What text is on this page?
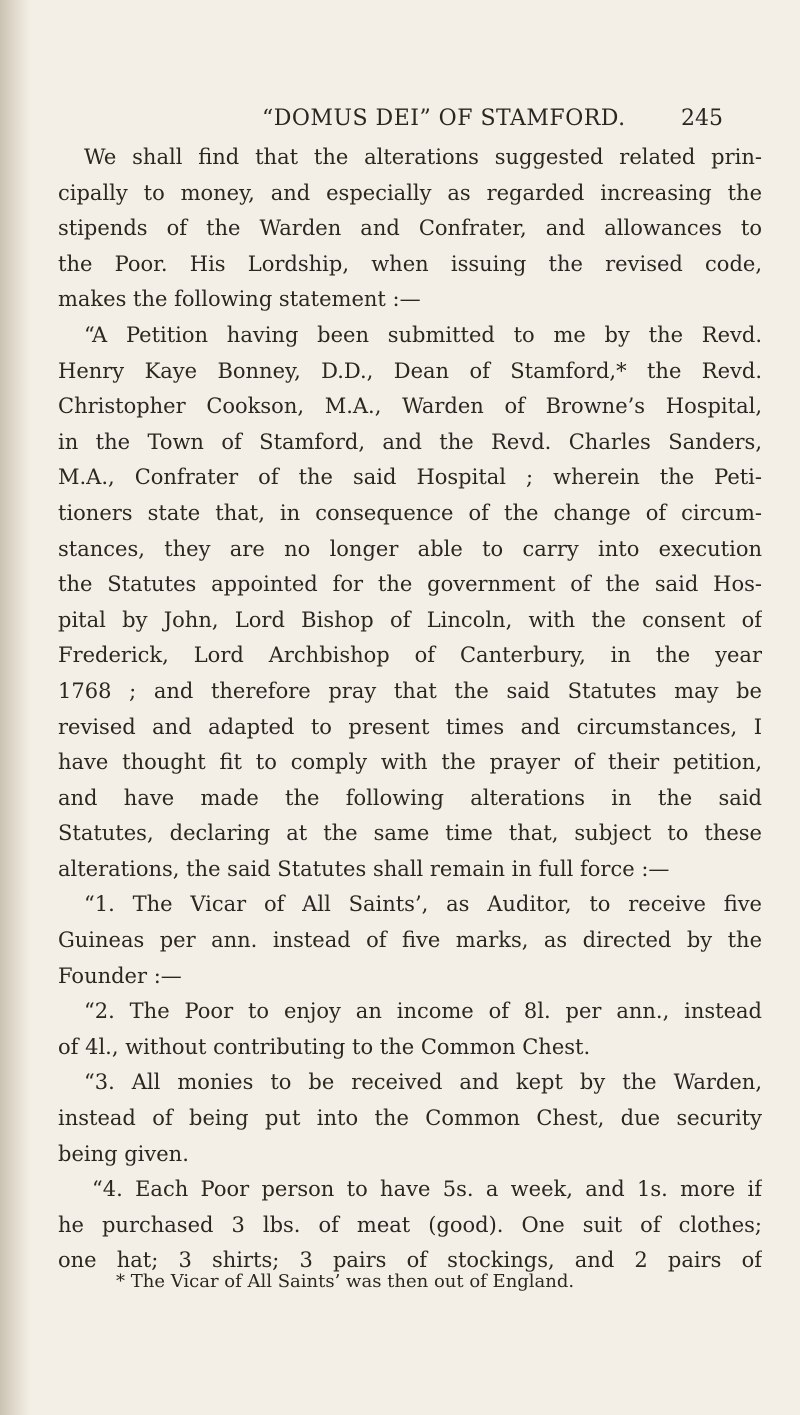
“DOMUS DEI” OF STAMFORD.	245
We shall find that the alterations suggested related prin-
cipally to money, and especially as regarded increasing the
stipends of the Warden and Confrater, and allowances to
the Poor. His Lordship, when issuing the revised code,
makes the following statement :—
“A Petition having been submitted to me by the Revd.
Henry Kaye Bonney, D.D., Dean of Stamford,* the Revd.
Christopher Cookson, M.A., Warden of Browne’s Hospital,
in the Town of Stamford, and the Revd. Charles Sanders,
M.A., Confrater of the said Hospital ; wherein the Peti-
tioners state that, in consequence of the change of circum-
stances, they are no longer able to carry into execution
the Statutes appointed for the government of the said Hos-
pital by John, Lord Bishop of Lincoln, with the consent of
Frederick, Lord Archbishop of Canterbury, in the year
1768 ; and therefore pray that the said Statutes may be
revised and adapted to present times and circumstances, I
have thought fit to comply with the prayer of their petition,
and have made the following alterations in the said
Statutes, declaring at the same time that, subject to these
alterations, the said Statutes shall remain in full force :—
“1. The Vicar of All Saints’, as Auditor, to receive five
Guineas per ann. instead of five marks, as directed by the
Founder :—
“2. The Poor to enjoy an income of 8l. per ann., instead
of 4l., without contributing to the Common Chest.
“3. All monies to be received and kept by the Warden,
instead of being put into the Common Chest, due security
being given.
“4. Each Poor person to have 5s. a week, and 1s. more if
he purchased 3 lbs. of meat (good). One suit of clothes;
one hat; 3 shirts; 3 pairs of stockings, and 2 pairs of
* The Vicar of All Saints’ was then out of England.
